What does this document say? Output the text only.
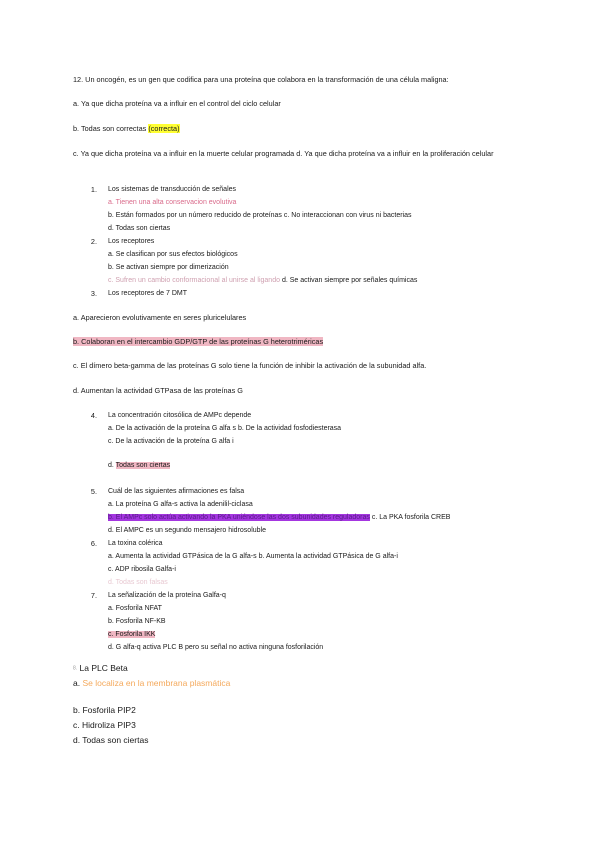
12. Un oncogén, es un gen que codifica para una proteína que colabora en la transformación de una célula maligna:
a. Ya que dicha proteína va a influir en el control del ciclo celular
b. Todas son correctas (correcta)
c. Ya que dicha proteína va a influir en la muerte celular programada d. Ya que dicha proteína va a influir en la proliferación celular
1. Los sistemas de transducción de señales
a. Tienen una alta conservacion evolutiva
b. Están formados por un número reducido de proteínas c. No interaccionan con virus ni bacterias
d. Todas son ciertas
2. Los receptores
a. Se clasifican por sus efectos biológicos
b. Se activan siempre por dimerización
c. Sufren un cambio conformacional al unirse al ligando d. Se activan siempre por señales químicas
3. Los receptores de 7 DMT
a. Aparecieron evolutivamente en seres pluricelulares
b. Colaboran en el intercambio GDP/GTP de las proteínas G heterotriméricas
c. El dímero beta-gamma de las proteínas G solo tiene la función de inhibir la activación de la subunidad alfa.
d. Aumentan la actividad GTPasa de las proteínas G
4. La concentración citosólica de AMPc depende
a. De la activación de la proteína G alfa s b. De la actividad fosfodiesterasa
c. De la activación de la proteína G alfa i
d. Todas son ciertas
5. Cuál de las siguientes afirmaciones es falsa
a. La proteína G alfa-s activa la adenilil-ciclasa
b. El AMPc solo actúa activando la PKA uniéndose las dos subunidades reguladoras c. La PKA fosforila CREB
d. El AMPC es un segundo mensajero hidrosoluble
6. La toxina colérica
a. Aumenta la actividad GTPásica de la G alfa-s b. Aumenta la actividad GTPásica de G alfa-i
c. ADP ribosila Galfa-i
d. Todas son falsas
7. La señalización de la proteína Galfa-q
a. Fosforila NFAT
b. Fosforila NF-KB
c. Fosforila IKK
d. G alfa-q activa PLC B pero su señal no activa ninguna fosforilación
8. La PLC Beta
a. Se localiza en la membrana plasmática
b. Fosforila PIP2
c. Hidroliza PIP3
d. Todas son ciertas
